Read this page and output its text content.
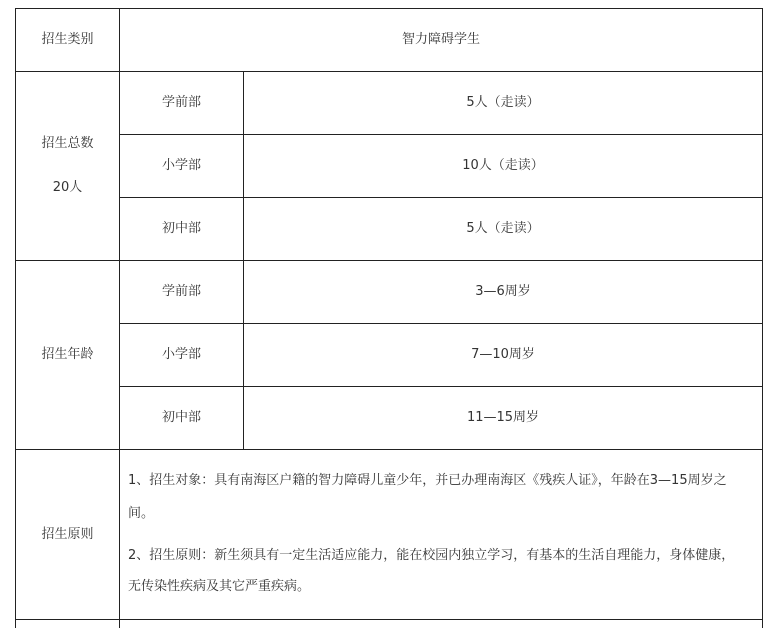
招生类别	智力障碍学生
招生总数
20人
学前部	5人（走读）
小学部	10人（走读）
初中部	5人（走读）
招生年龄
学前部	3—6周岁
小学部	7—10周岁
初中部	11—15周岁
招生原则

1、招生对象：具有南海区户籍的智力障碍儿童少年，并已办理南海区《残疾人证》，年龄在3—15周岁之

间。

2、招生原则：新生须具有一定生活适应能力，能在校园内独立学习，有基本的生活自理能力，身体健康，

无传染性疾病及其它严重疾病。
